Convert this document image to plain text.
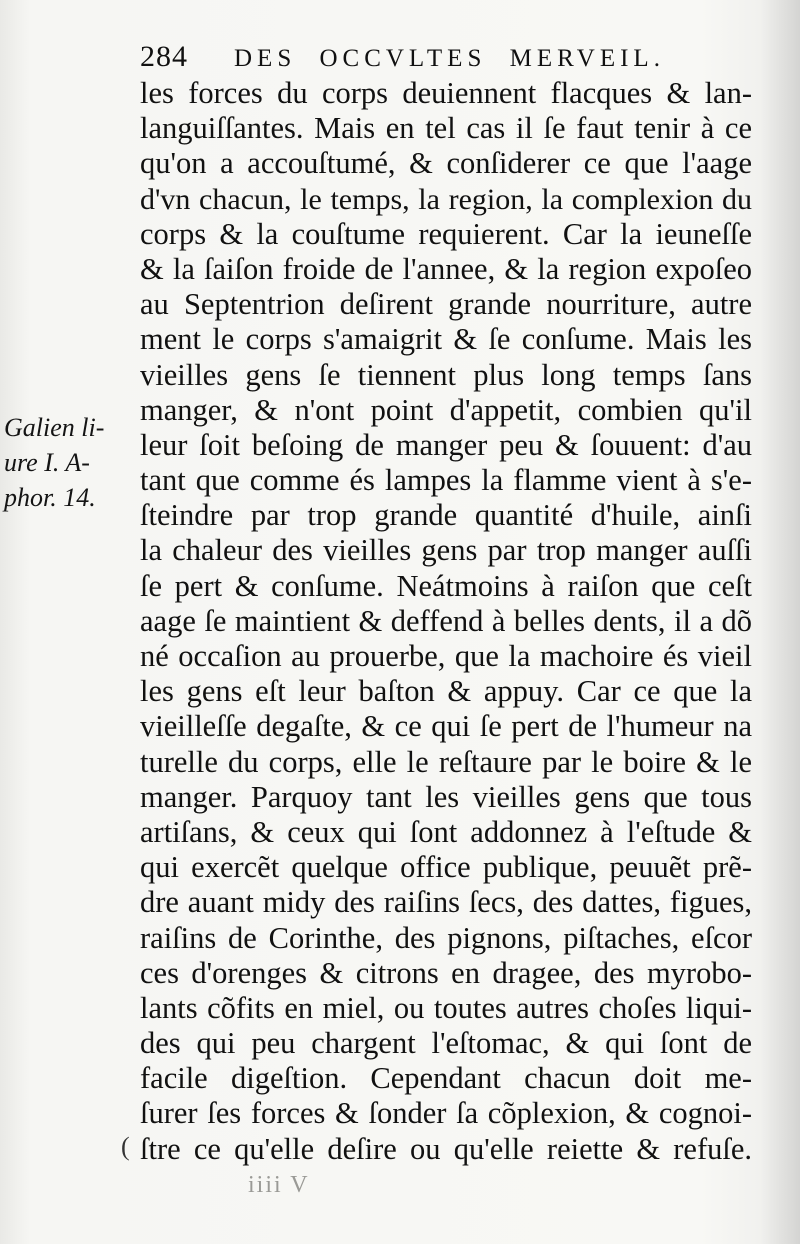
284 DES OCCVLTES MERVEIL.
Galien li-
ure I. A-
phor. 14.
les forces du corps deuiennent flacques & lan-
languiſſantes. Mais en tel cas il ſe faut tenir à ce
qu'on a accouſtumé, & conſiderer ce que l'aage
d'vn chacun, le temps, la region, la complexion du
corps & la couſtume requierent. Car la ieuneſſe
& la ſaiſon froide de l'annee, & la region expoſeo
au Septentrion deſirent grande nourriture, autre
ment le corps s'amaigrit & ſe conſume. Mais les
vieilles gens ſe tiennent plus long temps ſans
manger, & n'ont point d'appetit, combien qu'il
leur ſoit beſoing de manger peu & ſouuent: d'au
tant que comme és lampes la flamme vient à s'e-
ſteindre par trop grande quantité d'huile, ainſi
la chaleur des vieilles gens par trop manger auſſi
ſe pert & conſume. Neátmoins à raiſon que ceſt
aage ſe maintient & deffend à belles dents, il a dõ
né occaſion au prouerbe, que la machoire és vieil
les gens eſt leur baſton & appuy. Car ce que la
vieilleſſe degaſte, & ce qui ſe pert de l'humeur na
turelle du corps, elle le reſtaure par le boire & le
manger. Parquoy tant les vieilles gens que tous
artiſans, & ceux qui ſont addonnez à l'eſtude &
qui exercẽt quelque office publique, peuuẽt prẽ-
dre auant midy des raiſins ſecs, des dattes, figues,
raiſins de Corinthe, des pignons, piſtaches, eſcor
ces d'orenges & citrons en dragee, des myrobo-
lants cõfits en miel, ou toutes autres choſes liqui-
des qui peu chargent l'eſtomac, & qui ſont de
facile digeſtion. Cependant chacun doit me-
ſurer ſes forces & ſonder ſa cõplexion, & cognoi-
ſtre ce qu'elle deſire ou qu'elle reiette & refuſe.
(
iiii V
